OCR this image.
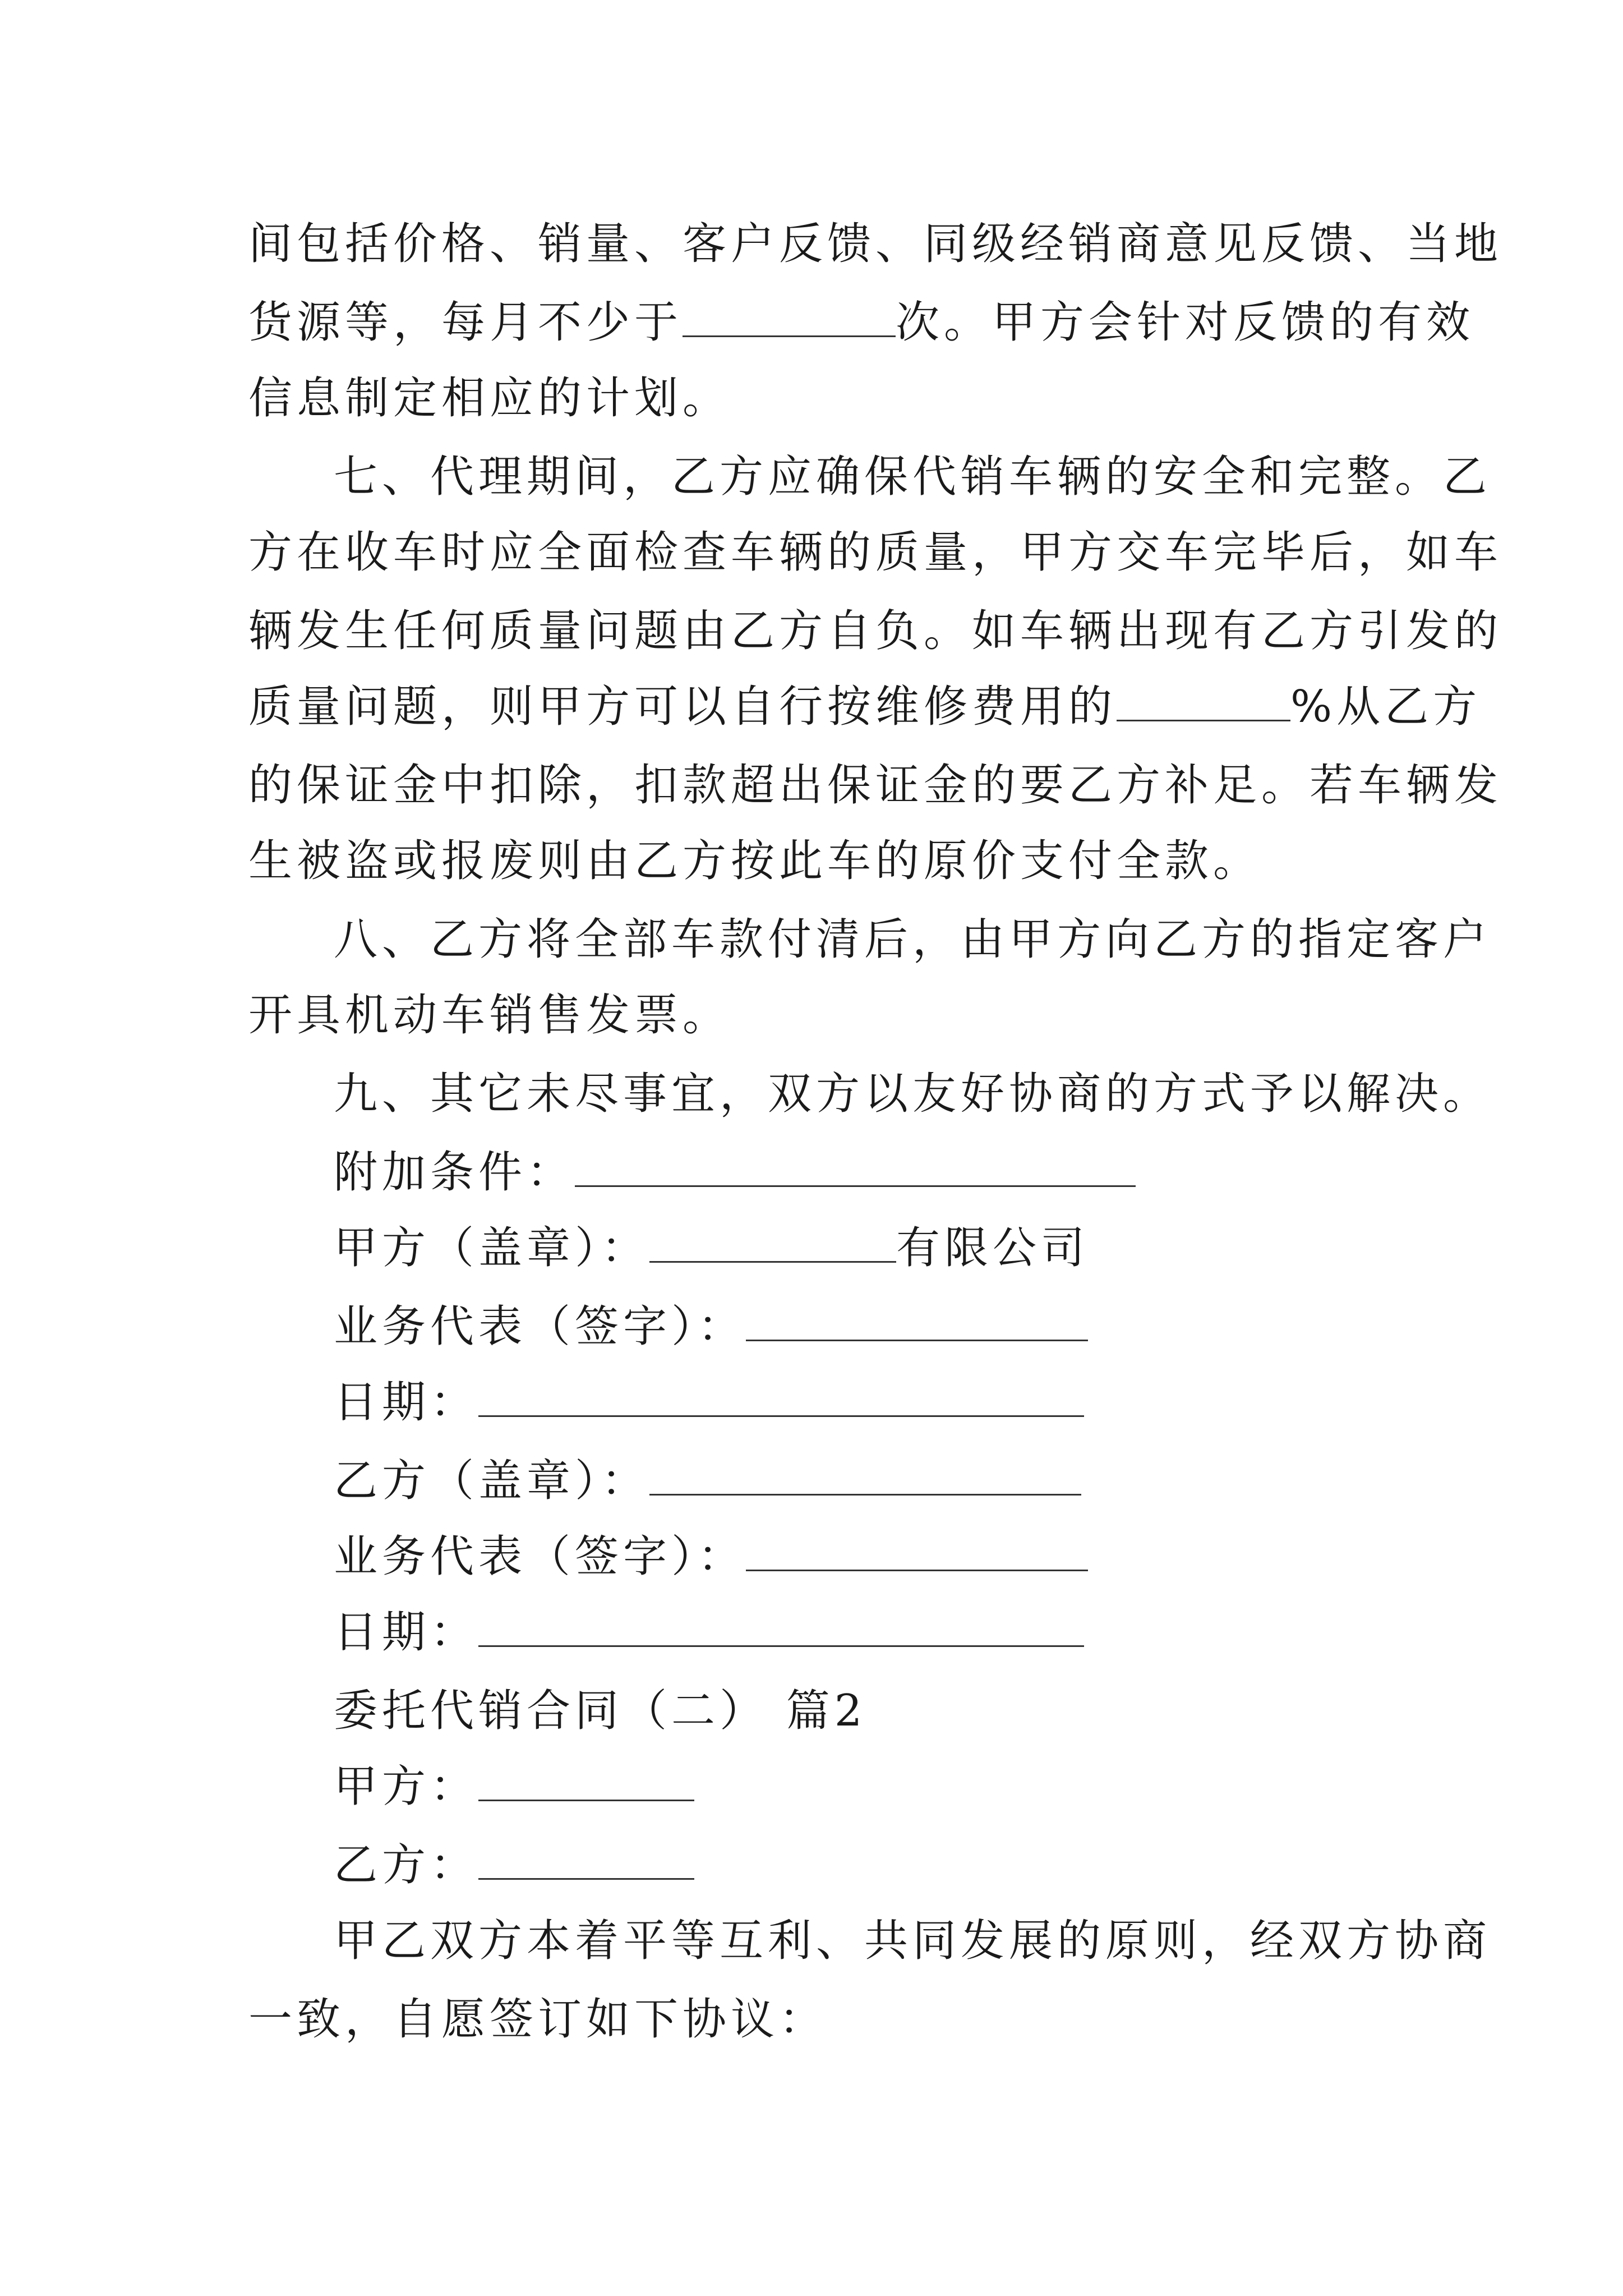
间包括价格、销量、客户反馈、同级经销商意见反馈、当地
货源等，每月不少于	次。甲方会针对反馈的有效
信息制定相应的计划。
七、代理期间，乙方应确保代销车辆的安全和完整。乙
方在收车时应全面检查车辆的质量，甲方交车完毕后，如车
辆发生任何质量问题由乙方自负。如车辆出现有乙方引发的
质量问题，则甲方可以自行按维修费用的	%从乙方
的保证金中扣除，扣款超出保证金的要乙方补足。若车辆发
生被盗或报废则由乙方按此车的原价支付全款。
八、乙方将全部车款付清后，由甲方向乙方的指定客户
开具机动车销售发票。
九、其它未尽事宜，双方以友好协商的方式予以解决。
附加条件：
甲方（盖章）：	有限公司
业务代表（签字）：
日期：
乙方（盖章）：
业务代表（签字）：
日期：
委托代销合同（二） 篇2
甲方：
乙方：
甲乙双方本着平等互利、共同发展的原则，经双方协商
一致，自愿签订如下协议：
